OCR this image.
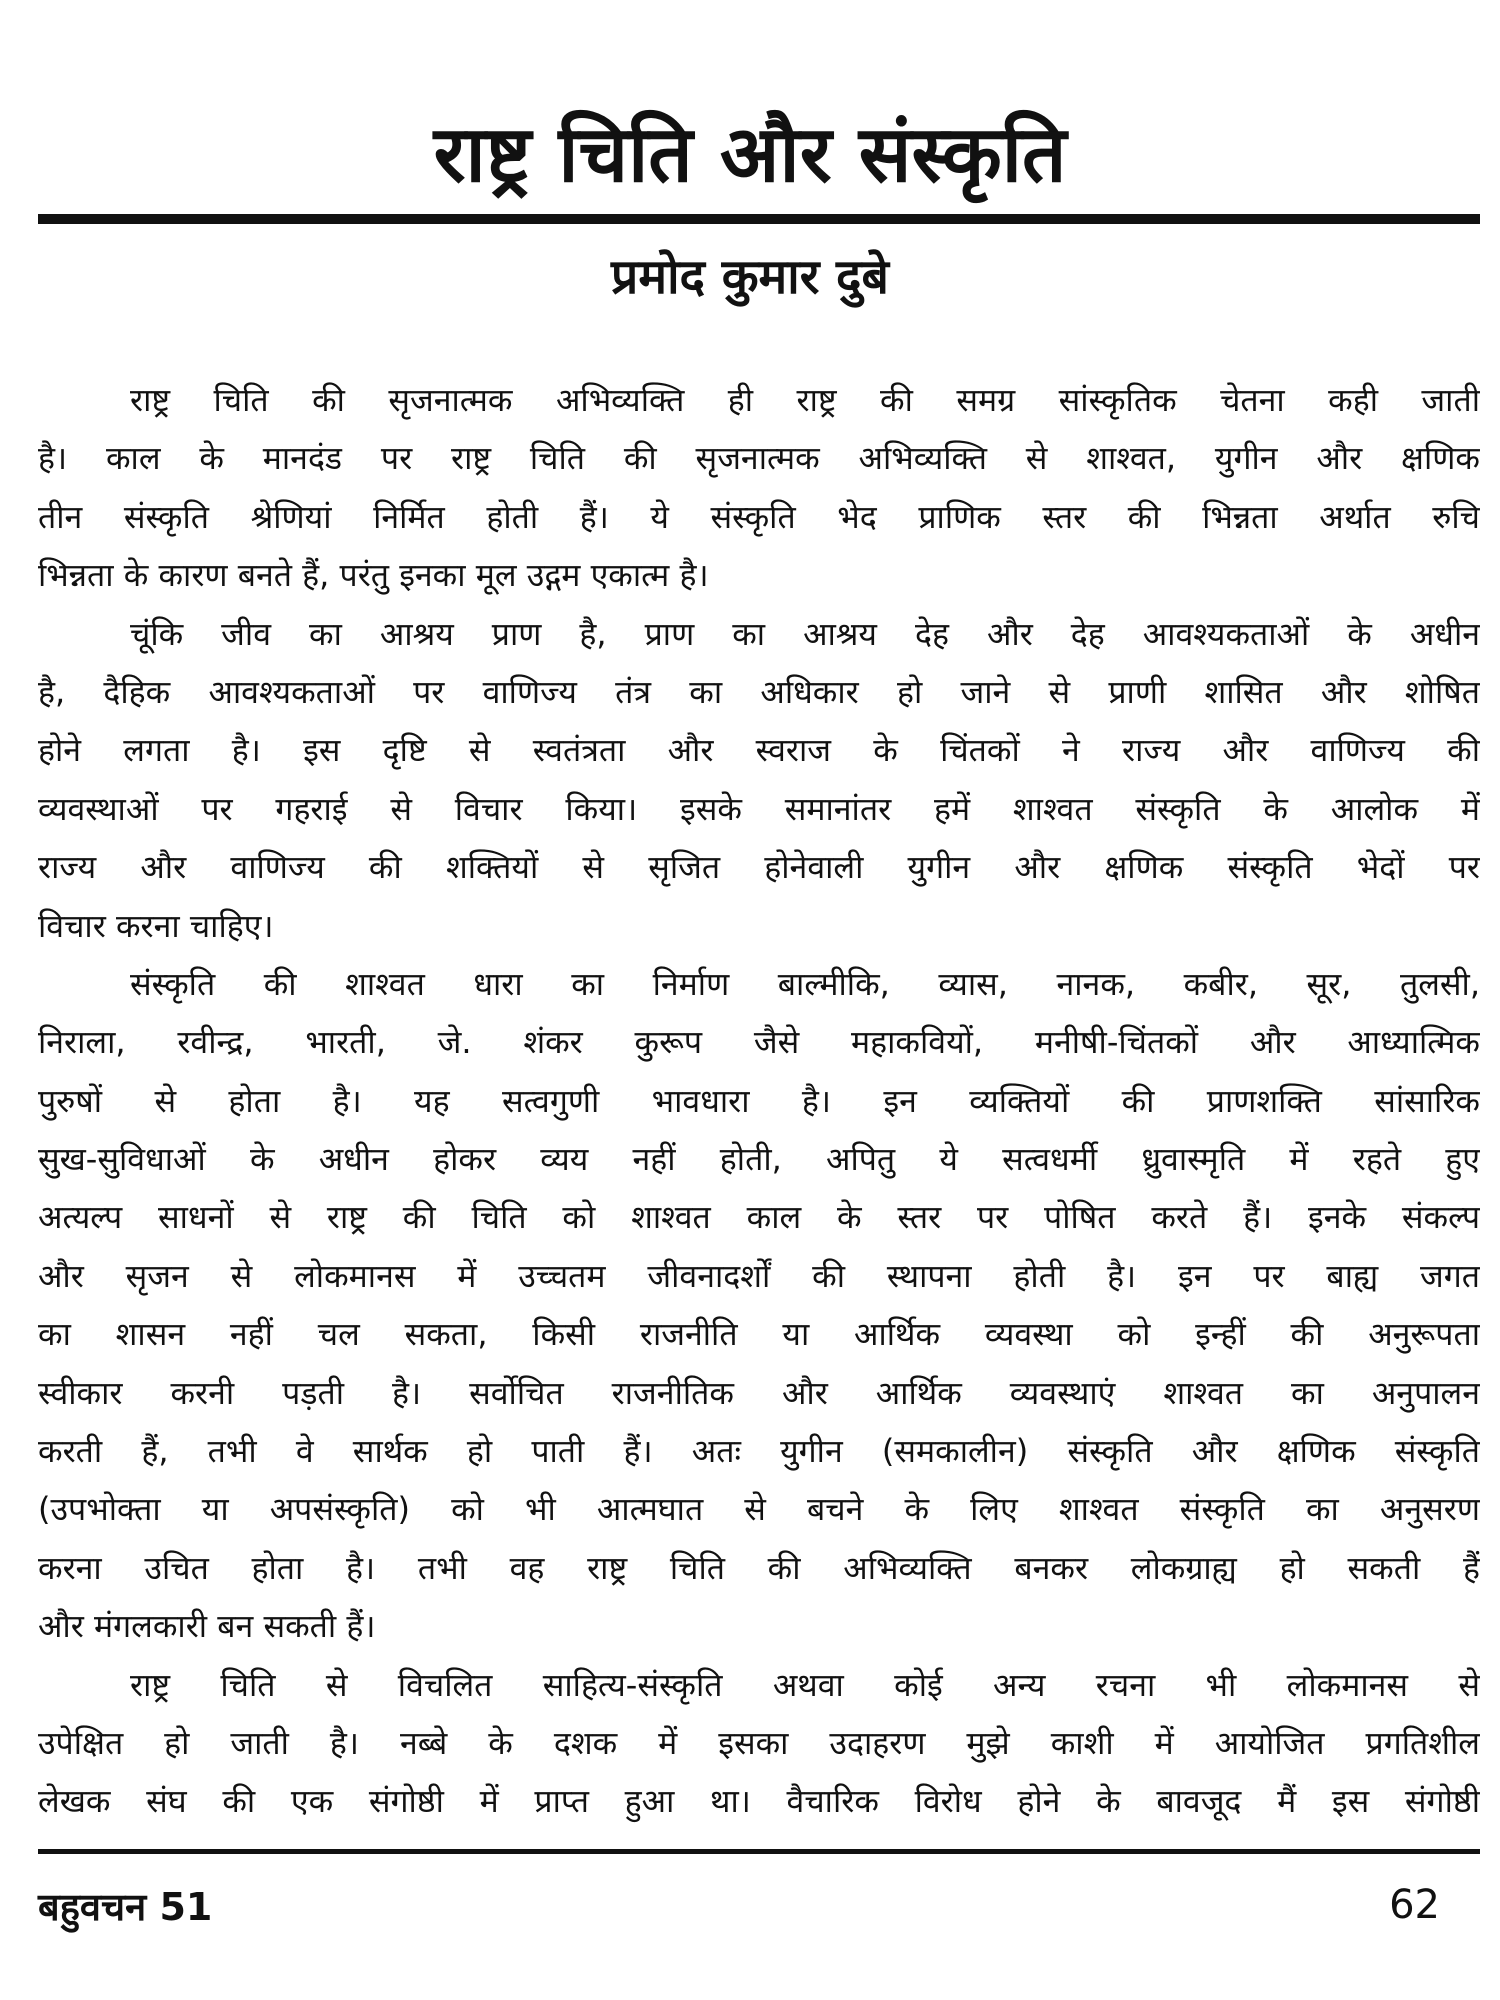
राष्ट्र चिति और संस्कृति
प्रमोद कुमार दुबे
राष्ट्र चिति की सृजनात्मक अभिव्यक्ति ही राष्ट्र की समग्र सांस्कृतिक चेतना कही जाती
है। काल के मानदंड पर राष्ट्र चिति की सृजनात्मक अभिव्यक्ति से शाश्वत, युगीन और क्षणिक
तीन संस्कृति श्रेणियां निर्मित होती हैं। ये संस्कृति भेद प्राणिक स्तर की भिन्नता अर्थात रुचि
भिन्नता के कारण बनते हैं, परंतु इनका मूल उद्गम एकात्म है।
चूंकि जीव का आश्रय प्राण है, प्राण का आश्रय देह और देह आवश्यकताओं के अधीन
है, दैहिक आवश्यकताओं पर वाणिज्य तंत्र का अधिकार हो जाने से प्राणी शासित और शोषित
होने लगता है। इस दृष्टि से स्वतंत्रता और स्वराज के चिंतकों ने राज्य और वाणिज्य की
व्यवस्थाओं पर गहराई से विचार किया। इसके समानांतर हमें शाश्वत संस्कृति के आलोक में
राज्य और वाणिज्य की शक्तियों से सृजित होनेवाली युगीन और क्षणिक संस्कृति भेदों पर
विचार करना चाहिए।
संस्कृति की शाश्वत धारा का निर्माण बाल्मीकि, व्यास, नानक, कबीर, सूर, तुलसी,
निराला, रवीन्द्र, भारती, जे. शंकर कुरूप जैसे महाकवियों, मनीषी-चिंतकों और आध्यात्मिक
पुरुषों से होता है। यह सत्वगुणी भावधारा है। इन व्यक्तियों की प्राणशक्ति सांसारिक
सुख-सुविधाओं के अधीन होकर व्यय नहीं होती, अपितु ये सत्वधर्मी ध्रुवास्मृति में रहते हुए
अत्यल्प साधनों से राष्ट्र की चिति को शाश्वत काल के स्तर पर पोषित करते हैं। इनके संकल्प
और सृजन से लोकमानस में उच्चतम जीवनादर्शों की स्थापना होती है। इन पर बाह्य जगत
का शासन नहीं चल सकता, किसी राजनीति या आर्थिक व्यवस्था को इन्हीं की अनुरूपता
स्वीकार करनी पड़ती है। सर्वोचित राजनीतिक और आर्थिक व्यवस्थाएं शाश्वत का अनुपालन
करती हैं, तभी वे सार्थक हो पाती हैं। अतः युगीन (समकालीन) संस्कृति और क्षणिक संस्कृति
(उपभोक्ता या अपसंस्कृति) को भी आत्मघात से बचने के लिए शाश्वत संस्कृति का अनुसरण
करना उचित होता है। तभी वह राष्ट्र चिति की अभिव्यक्ति बनकर लोकग्राह्य हो सकती हैं
और मंगलकारी बन सकती हैं।
राष्ट्र चिति से विचलित साहित्य-संस्कृति अथवा कोई अन्य रचना भी लोकमानस से
उपेक्षित हो जाती है। नब्बे के दशक में इसका उदाहरण मुझे काशी में आयोजित प्रगतिशील
लेखक संघ की एक संगोष्ठी में प्राप्त हुआ था। वैचारिक विरोध होने के बावजूद मैं इस संगोष्ठी
बहुवचन 51	62
